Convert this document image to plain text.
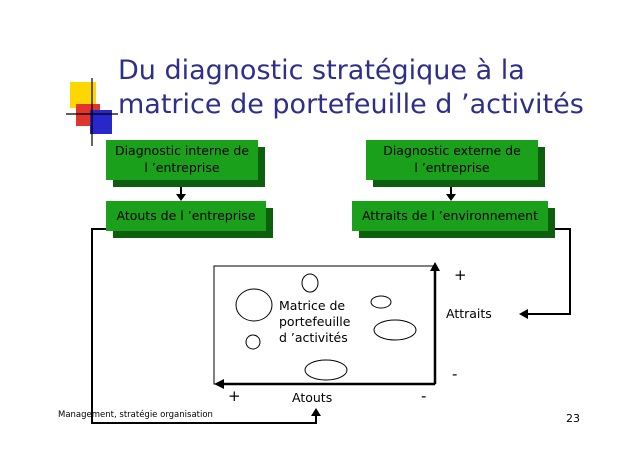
Du diagnostic stratégique à la
matrice de portefeuille d ’activités
Diagnostic interne de
l ’entreprise
Diagnostic externe de
l ’entreprise
Atouts de l ’entreprise	Attraits de l ’environnement
Matrice de
portefeuille
d ’activités
+
Attraits
-
+	Atouts	-
Management, stratégie organisation	23
